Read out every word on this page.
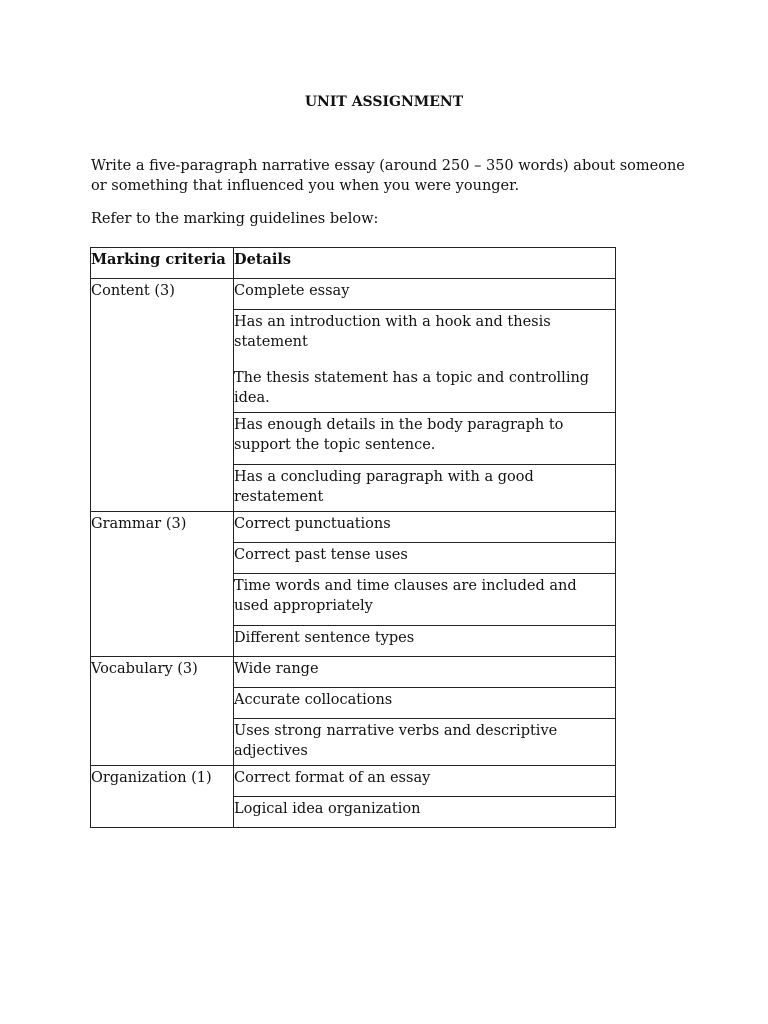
UNIT ASSIGNMENT

Write a five-paragraph narrative essay (around 250 – 350 words) about someone or something that influenced you when you were younger.

Refer to the marking guidelines below:

Marking criteria	Details
Content (3)	Complete essay
	Has an introduction with a hook and thesis statement
The thesis statement has a topic and controlling idea.

	Has enough details in the body paragraph to support the topic sentence.
	Has a concluding paragraph with a good restatement
Grammar (3)	Correct punctuations
	Correct past tense uses
	Time words and time clauses are included and used appropriately
	Different sentence types
Vocabulary (3)	Wide range
	Accurate collocations
	Uses strong narrative verbs and descriptive adjectives
Organization (1)	Correct format of an essay
	Logical idea organization
